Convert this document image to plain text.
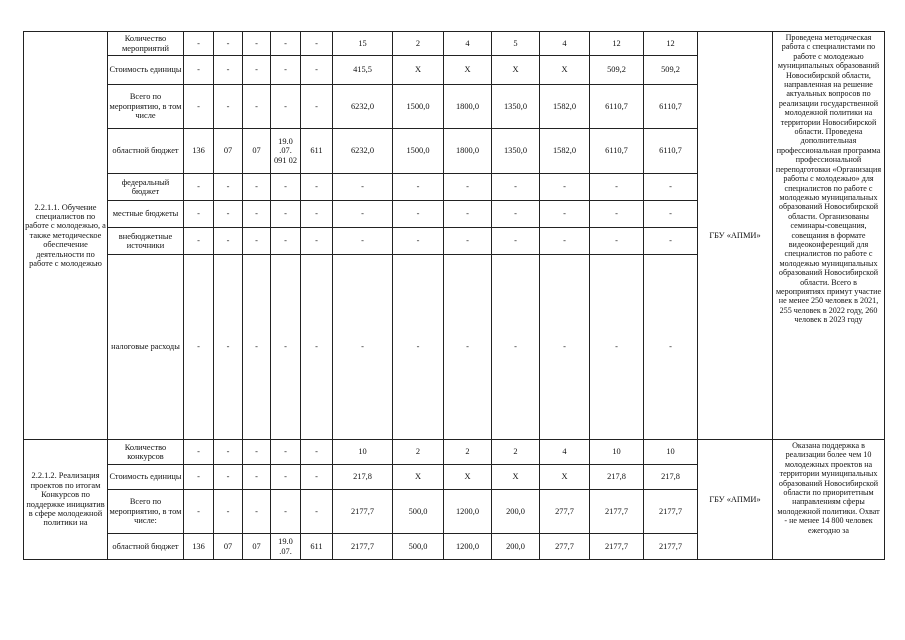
2.2.1.1. Обучение специалистов по работе с молодежью, а также методическое обеспечение деятельности по работе с молодежью	Количество мероприятий	-	-	-	-	-	15	2	4	5	4	12	12	ГБУ «АПМИ»	Проведена методическая работа с специалистами по работе с молодежью муниципальных образований Новосибирской области, направленная на решение актуальных вопросов по реализации государственной молодежной политики на территории Новосибирской области. Проведена дополнительная профессиональная программа профессиональной переподготовки «Организация работы с молодежью» для специалистов по работе с молодежью муниципальных образований Новосибирской области. Организованы семинары-совещания, совещания в формате видеоконференций для специалистов по работе с молодежью муниципальных образований Новосибирской области. Всего в мероприятиях примут участие не менее 250 человек в 2021, 255 человек в 2022 году, 260 человек в 2023 году
	Стоимость единицы	-	-	-	-	-	415,5	X	X	X	X	509,2	509,2		
	Всего по мероприятию, в том числе	-	-	-	-	-	6232,0	1500,0	1800,0	1350,0	1582,0	6110,7	6110,7		
	областной бюджет	136	07	07	19.0 .07. 091 02	611	6232,0	1500,0	1800,0	1350,0	1582,0	6110,7	6110,7		
	федеральный бюджет	-	-	-	-	-	-	-	-	-	-	-	-		
	местные бюджеты	-	-	-	-	-	-	-	-	-	-	-	-		
	внебюджетные источники	-	-	-	-	-	-	-	-	-	-	-	-		
	налоговые расходы	-	-	-	-	-	-	-	-	-	-	-	-		
2.2.1.2. Реализация проектов по итогам Конкурсов по поддержке инициатив в сфере молодежной политики на	Количество конкурсов	-	-	-	-	-	10	2	2	2	4	10	10	ГБУ «АПМИ»	Оказана поддержка в реализации более чем 10 молодежных проектов на территории муниципальных образований Новосибирской области по приоритетным направлениям сферы молодежной политики. Охват - не менее 14 800 человек ежегодно за
	Стоимость единицы	-	-	-	-	-	217,8	X	X	X	X	217,8	217,8		
	Всего по мероприятию, в том числе:	-	-	-	-	-	2177,7	500,0	1200,0	200,0	277,7	2177,7	2177,7		
	областной бюджет	136	07	07	19.0 .07.	611	2177,7	500,0	1200,0	200,0	277,7	2177,7	2177,7		
